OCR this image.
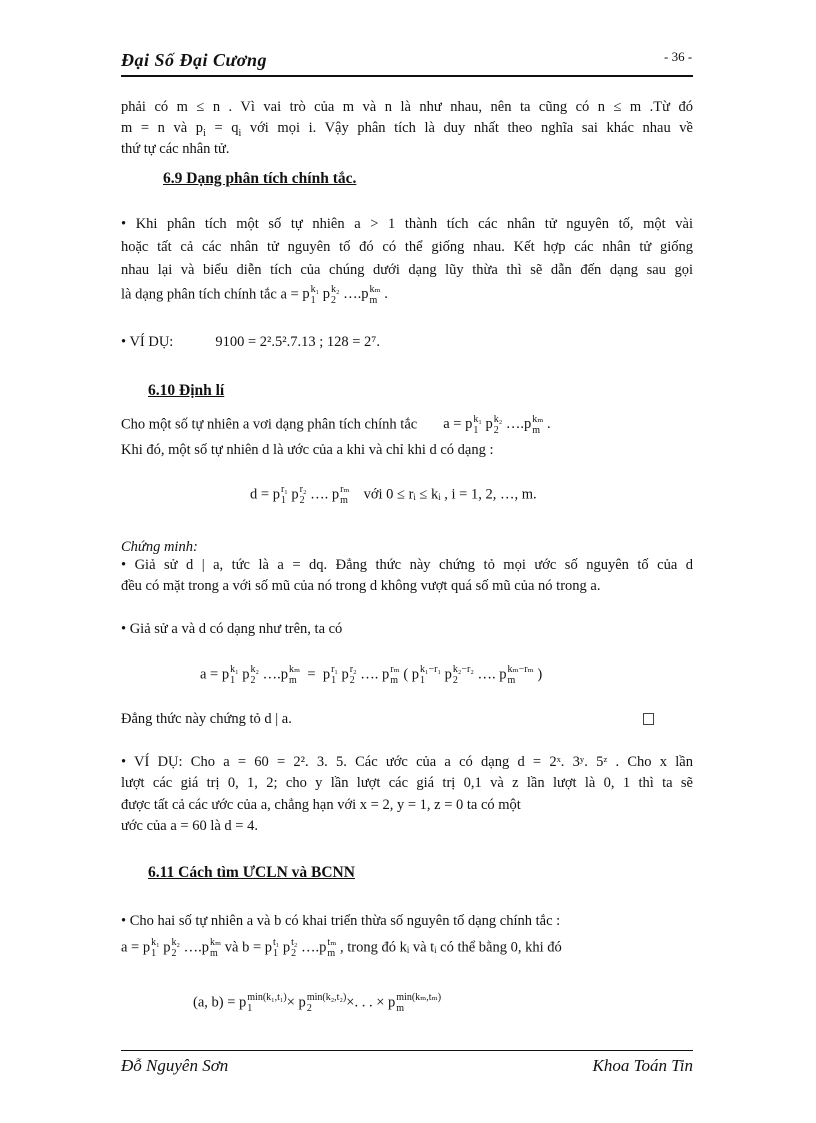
Đại Số Đại Cương	- 36 -
phải có m ≤ n . Vì vai trò của m và n là như nhau, nên ta cũng có n ≤ m .Từ đó
m = n và $p_i = q_i$ với mọi i. Vậy phân tích là duy nhất theo nghĩa sai khác nhau về
thứ tự các nhân tử.
6.9 Dạng phân tích chính tắc.
• Khi phân tích một số tự nhiên a > 1 thành tích các nhân tử nguyên tố, một vài
hoặc tất cả các nhân tử nguyên tố đó có thể giống nhau. Kết hợp các nhân tử giống
nhau lại và biểu diễn tích của chúng dưới dạng lũy thừa thì sẽ dẫn đến dạng sau gọi
là dạng phân tích chính tắc a = p k₁
1 p k₂
2 ….p kₘ
m .
• VÍ DỤ:	9100 = 2².5².7.13 ; 128 = 2⁷.
6.10 Định lí
Cho một số tự nhiên a vơi dạng phân tích chính tắc a = p k₁
1 p k₂
2 ….p kₘ
m .
Khi đó, một số tự nhiên d là ước của a khi và chỉ khi d có dạng :
d = p r₁
1 p r₂
2 …. p rₘ
m với 0 ≤ rᵢ ≤ kᵢ , i = 1, 2, …, m.
Chứng minh:
• Giả sử d | a, tức là a = dq. Đẳng thức này chứng tỏ mọi ước số nguyên tố của d
đều có mặt trong a với số mũ của nó trong d không vượt quá số mũ của nó trong a.
• Giả sử a và d có dạng như trên, ta có
a = p k₁
1 p k₂
2 ….p kₘ
m =  p r₁
1 p r₂
2 …. p rₘ
m ( p k₁−r₁
1	p k₂−r₂
2	…. p kₘ−rₘ
m	)
Đẳng thức này chứng tỏ d | a.
• VÍ DỤ: Cho a = 60 = 2². 3. 5. Các ước của a có dạng d = 2ˣ. 3ʸ. 5ᶻ . Cho x lần
lượt các giá trị 0, 1, 2; cho y lần lượt các giá trị 0,1 và z lần lượt là 0, 1 thì ta sẽ
được tất cả các ước của a, chẳng hạn với x = 2, y = 1, z = 0 ta có một
ước của a = 60 là d = 4.
6.11 Cách tìm ƯCLN và BCNN
• Cho hai số tự nhiên a và b có khai triển thừa số nguyên tố dạng chính tắc :
a = p k₁
1 p k₂
2 ….p kₘ
m và b = p t₁
1 p t₂
2 ….p tₘ
m , trong đó kᵢ và tᵢ có thể bằng 0, khi đó
(a, b) = p min(k₁,t₁)
1	× p min(k₂,t₂)
2	×. . . × p min(kₘ,tₘ)
m
Đỗ Nguyên Sơn	Khoa Toán Tin
